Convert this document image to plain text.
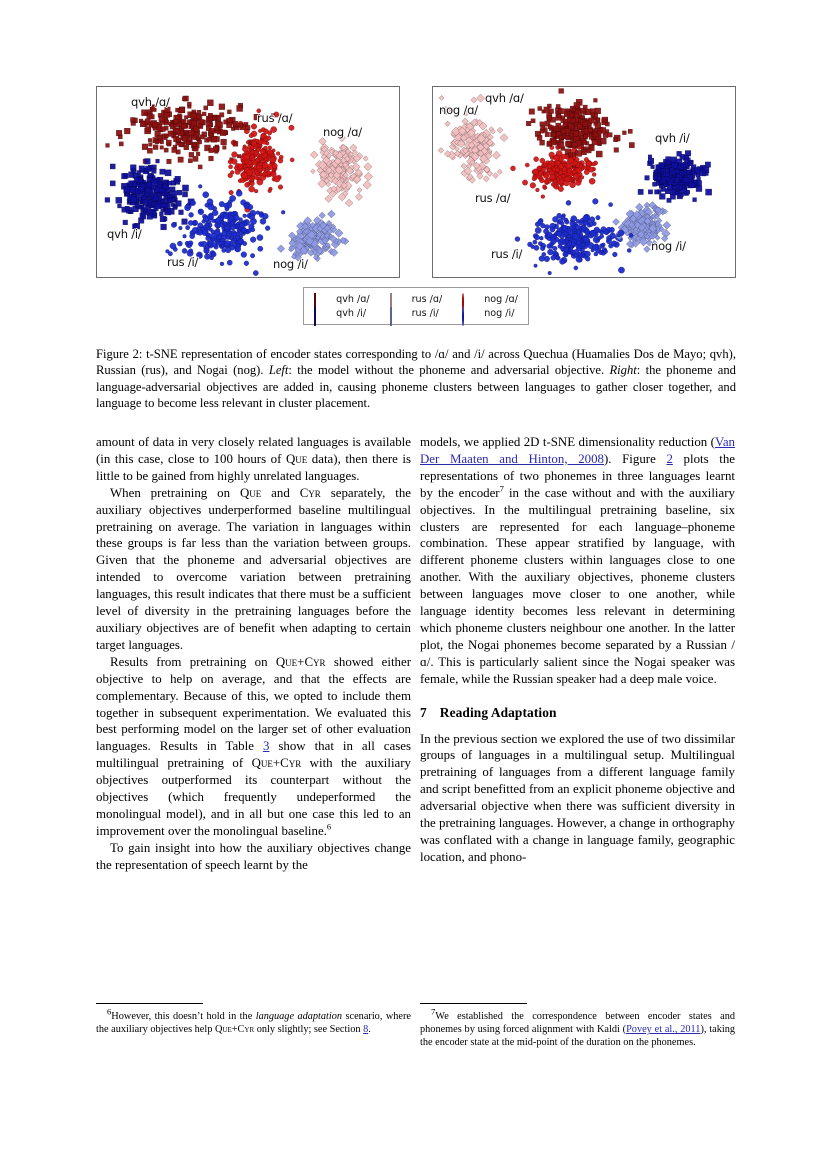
qvh /ɑ/
rus /ɑ/
nog /ɑ/
qvh /i/
rus /i/	nog /i/
nog /ɑ/
qvh /ɑ/
qvh /i/
rus /ɑ/
rus /i/
nog /i/
qvh /ɑ/	rus /ɑ/	nog /ɑ/
qvh /i/	rus /i/	nog /i/
Figure 2: t-SNE representation of encoder states corresponding to /ɑ/ and /i/ across Quechua (Huamalies Dos de Mayo; qvh), Russian (rus), and Nogai (nog). Left: the model without the phoneme and adversarial objective. Right: the phoneme and language-adversarial objectives are added in, causing phoneme clusters between languages to gather closer together, and language to become less relevant in cluster placement.

amount of data in very closely related languages is available (in this case, close to 100 hours of Que data), then there is little to be gained from highly unrelated languages.

When pretraining on Que and Cyr separately, the auxiliary objectives underperformed baseline multilingual pretraining on average. The variation in languages within these groups is far less than the variation between groups. Given that the phoneme and adversarial objectives are intended to overcome variation between pretraining languages, this result indicates that there must be a sufficient level of diversity in the pretraining languages before the auxiliary objectives are of benefit when adapting to certain target languages.

Results from pretraining on Que+Cyr showed either objective to help on average, and that the effects are complementary. Because of this, we opted to include them together in subsequent experimentation. We evaluated this best performing model on the larger set of other evaluation languages. Results in Table 3 show that in all cases multilingual pretraining of Que+Cyr with the auxiliary objectives outperformed its counterpart without the objectives (which frequently undeperformed the monolingual model), and in all but one case this led to an improvement over the monolingual baseline.$^6$

To gain insight into how the auxiliary objectives change the representation of speech learnt by the

models, we applied 2D t-SNE dimensionality reduction (Van Der Maaten and Hinton, 2008). Figure 2 plots the representations of two phonemes in three languages learnt by the encoder$^7$ in the case without and with the auxiliary objectives. In the multilingual pretraining baseline, six clusters are represented for each language–phoneme combination. These appear stratified by language, with different phoneme clusters within languages close to one another. With the auxiliary objectives, phoneme clusters between languages move closer to one another, while language identity becomes less relevant in determining which phoneme clusters neighbour one another. In the latter plot, the Nogai phonemes become separated by a Russian /ɑ/. This is particularly salient since the Nogai speaker was female, while the Russian speaker had a deep male voice.

7 Reading Adaptation

In the previous section we explored the use of two dissimilar groups of languages in a multilingual setup. Multilingual pretraining of languages from a different language family and script benefitted from an explicit phoneme objective and adversarial objective when there was sufficient diversity in the pretraining languages. However, a change in orthography was conflated with a change in language family, geographic location, and phono-

$^6$However, this doesn’t hold in the language adaptation scenario, where the auxiliary objectives help Que+Cyr only slightly; see Section 8.

$^7$We established the correspondence between encoder states and phonemes by using forced alignment with Kaldi (Povey et al., 2011), taking the encoder state at the mid-point of the duration on the phonemes.
